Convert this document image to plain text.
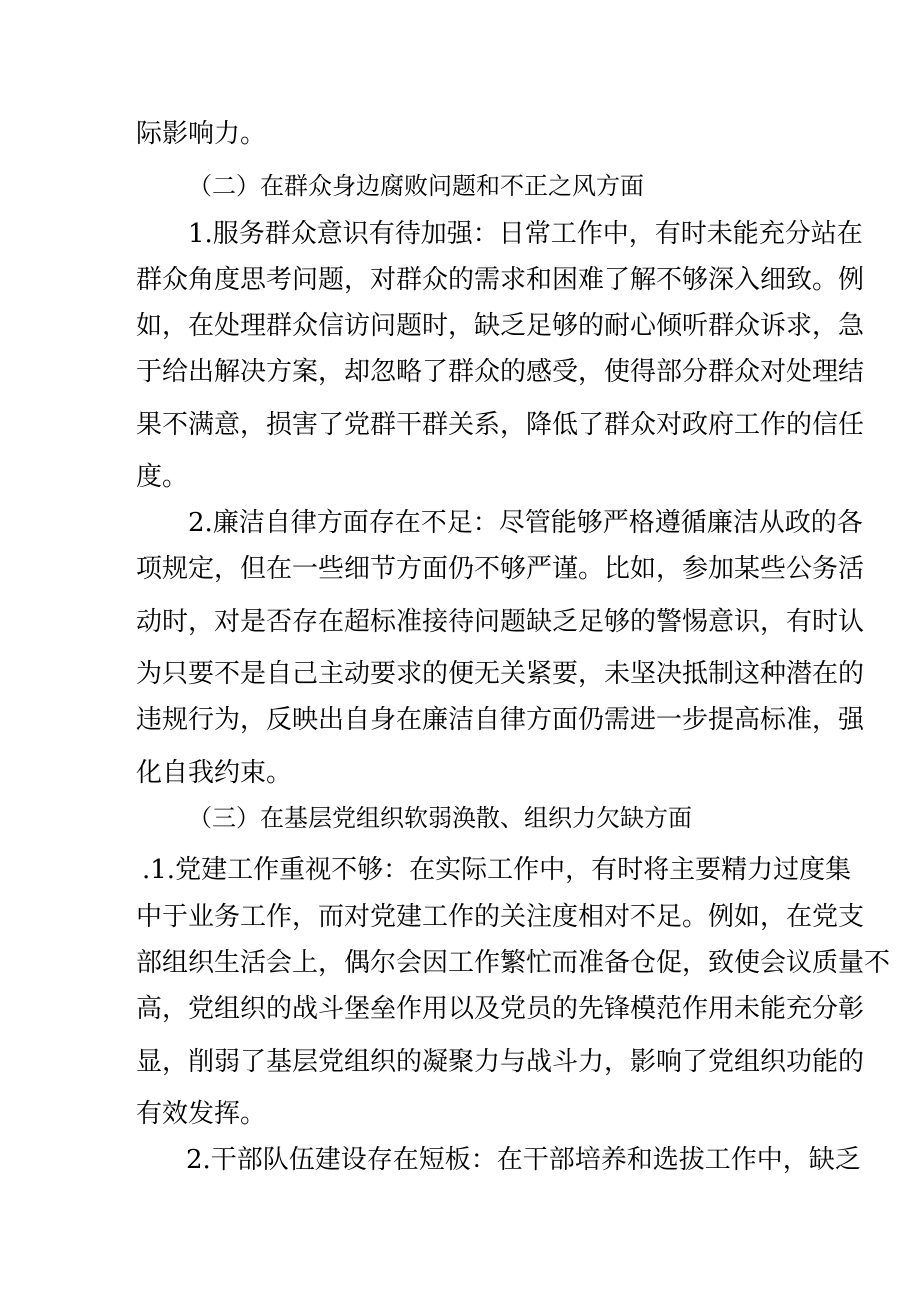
际影响力。
（二）在群众身边腐败问题和不正之风方面
1.服务群众意识有待加强：日常工作中，有时未能充分站在
群众角度思考问题，对群众的需求和困难了解不够深入细致。例
如，在处理群众信访问题时，缺乏足够的耐心倾听群众诉求，急
于给出解决方案，却忽略了群众的感受，使得部分群众对处理结
果不满意，损害了党群干群关系，降低了群众对政府工作的信任
度。
2.廉洁自律方面存在不足：尽管能够严格遵循廉洁从政的各
项规定，但在一些细节方面仍不够严谨。比如，参加某些公务活
动时，对是否存在超标准接待问题缺乏足够的警惕意识，有时认
为只要不是自己主动要求的便无关紧要，未坚决抵制这种潜在的
违规行为，反映出自身在廉洁自律方面仍需进一步提高标准，强
化自我约束。
（三）在基层党组织软弱涣散、组织力欠缺方面
.1.党建工作重视不够：在实际工作中，有时将主要精力过度集
中于业务工作，而对党建工作的关注度相对不足。例如，在党支
部组织生活会上，偶尔会因工作繁忙而准备仓促，致使会议质量不
高，党组织的战斗堡垒作用以及党员的先锋模范作用未能充分彰
显，削弱了基层党组织的凝聚力与战斗力，影响了党组织功能的
有效发挥。
2.干部队伍建设存在短板：在干部培养和选拔工作中，缺乏
